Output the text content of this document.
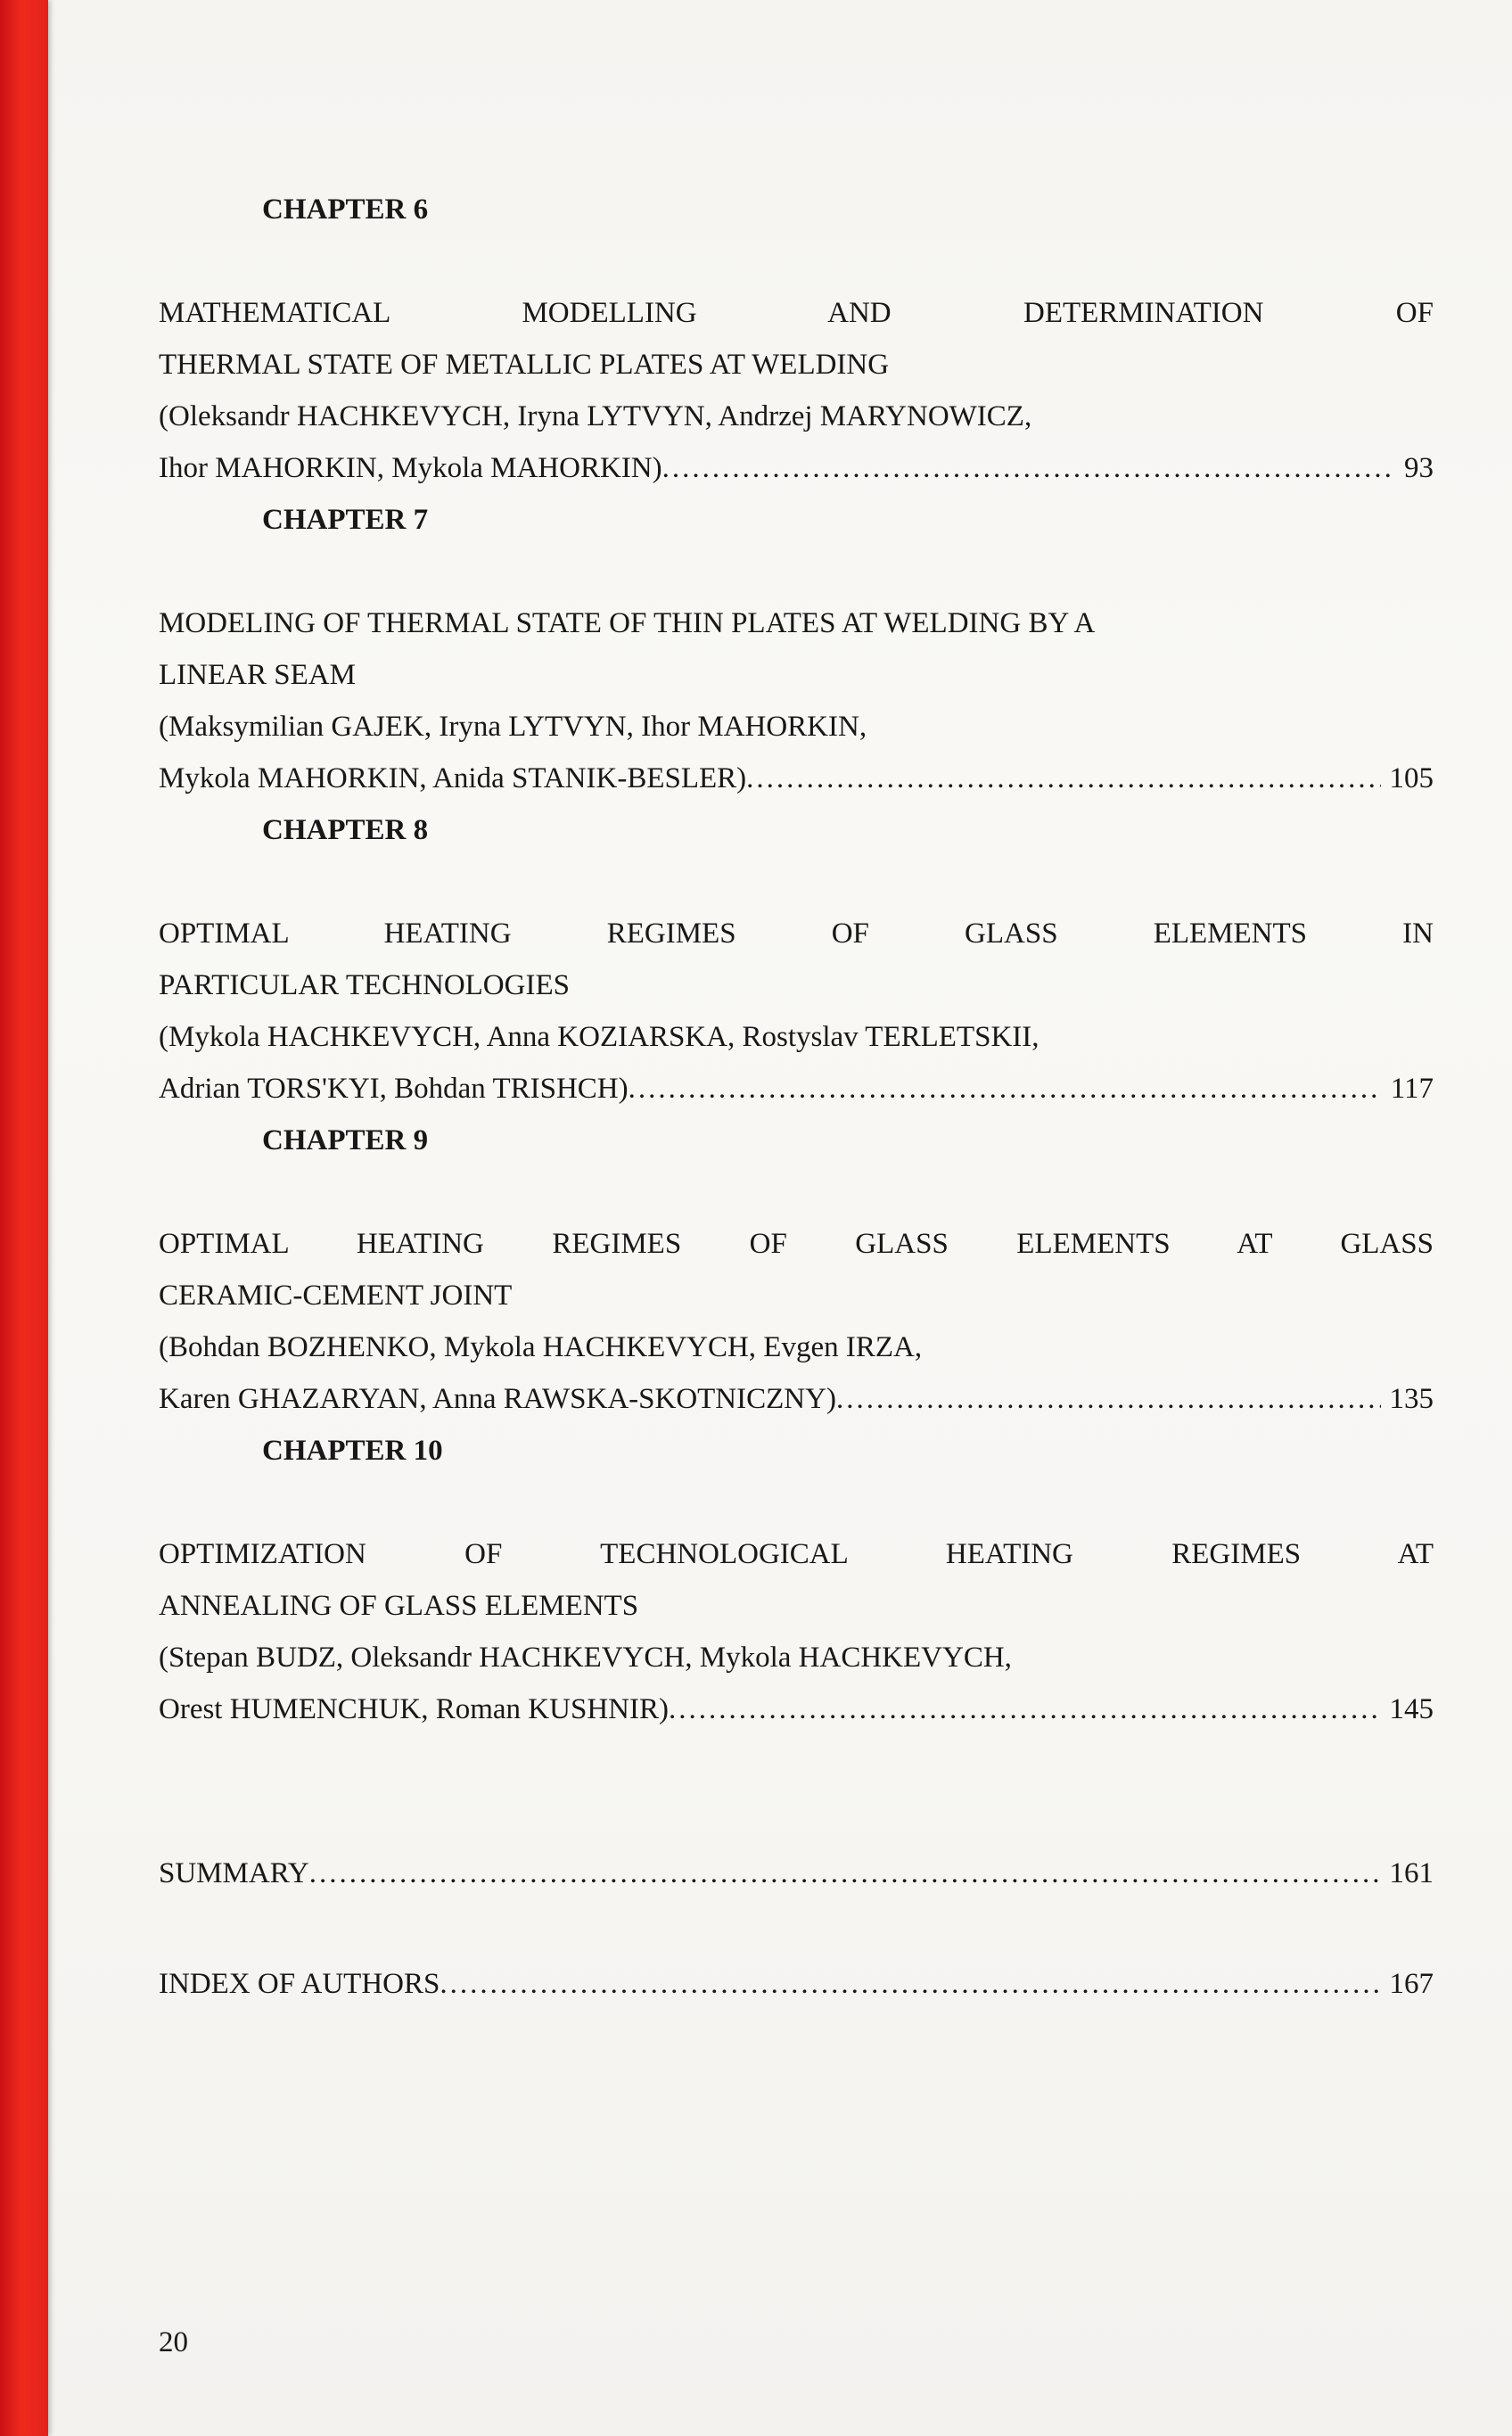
CHAPTER 6

MATHEMATICAL MODELLING AND DETERMINATION OF

THERMAL STATE OF METALLIC PLATES AT WELDING

(Oleksandr HACHKEVYCH, Iryna LYTVYN, Andrzej MARYNOWICZ,

Ihor MAHORKIN, Mykola MAHORKIN) .....	93

CHAPTER 7

MODELING OF THERMAL STATE OF THIN PLATES AT WELDING BY A

LINEAR SEAM

(Maksymilian GAJEK, Iryna LYTVYN, Ihor MAHORKIN,

Mykola MAHORKIN, Anida STANIK-BESLER) .....	105

CHAPTER 8

OPTIMAL HEATING REGIMES OF GLASS ELEMENTS IN

PARTICULAR TECHNOLOGIES

(Mykola HACHKEVYCH, Anna KOZIARSKA, Rostyslav TERLETSKII,

Adrian TORS'KYI, Bohdan TRISHCH) .....	117

CHAPTER 9

OPTIMAL HEATING REGIMES OF GLASS ELEMENTS AT GLASS

CERAMIC-CEMENT JOINT

(Bohdan BOZHENKO, Mykola HACHKEVYCH, Evgen IRZA,

Karen GHAZARYAN, Anna RAWSKA-SKOTNICZNY) .....	135

CHAPTER 10

OPTIMIZATION OF TECHNOLOGICAL HEATING REGIMES AT

ANNEALING OF GLASS ELEMENTS

(Stepan BUDZ, Oleksandr HACHKEVYCH, Mykola HACHKEVYCH,

Orest HUMENCHUK, Roman KUSHNIR) .....	145
SUMMARY .....	161
INDEX OF AUTHORS .....	167
20
